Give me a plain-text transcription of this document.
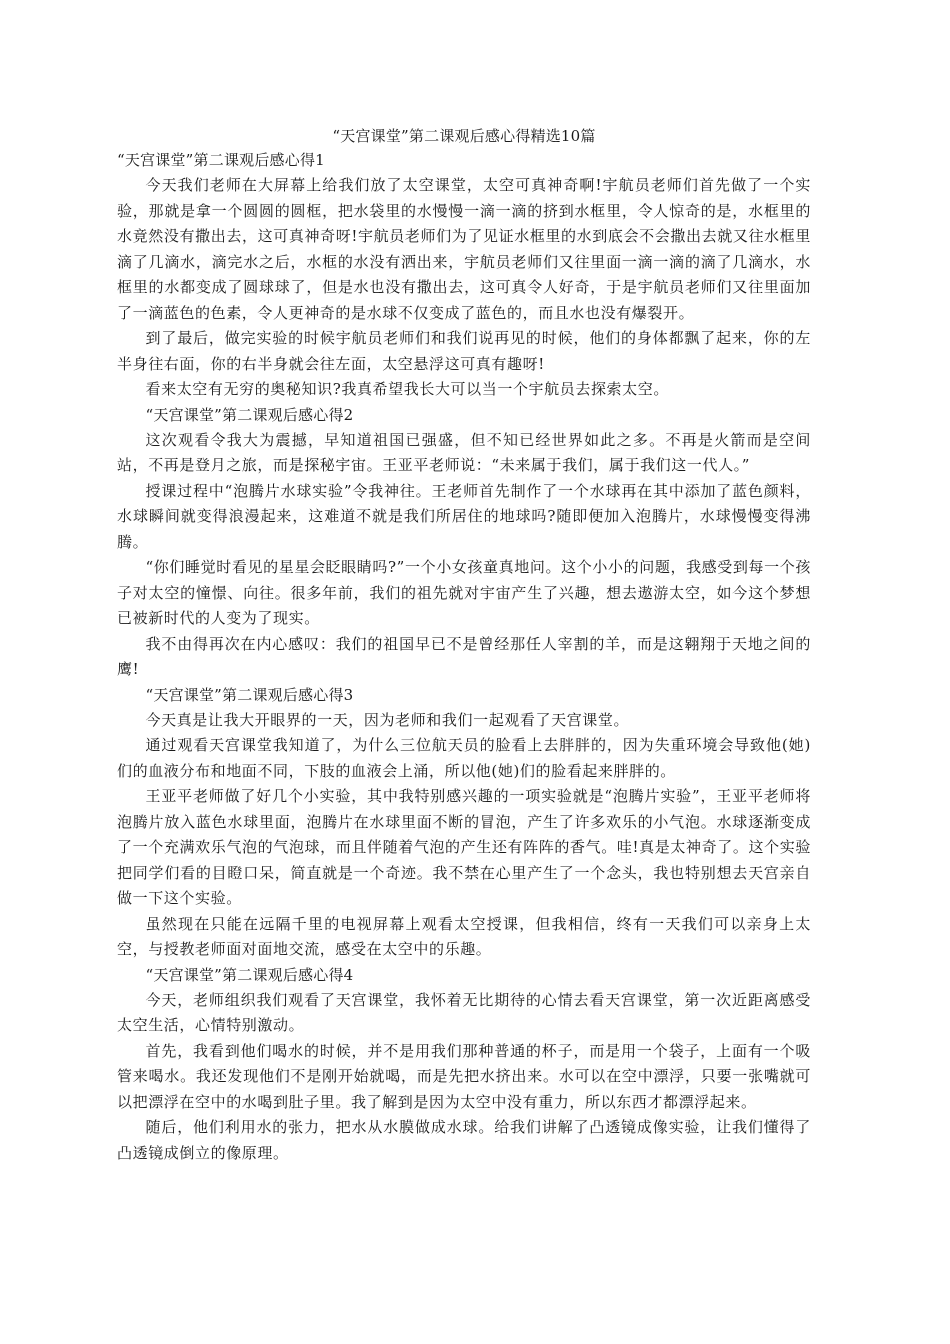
“天宫课堂”第二课观后感心得精选10篇
“天宫课堂”第二课观后感心得1

今天我们老师在大屏幕上给我们放了太空课堂，太空可真神奇啊!宇航员老师们首先做了一个实验，那就是拿一个圆圆的圆框，把水袋里的水慢慢一滴一滴的挤到水框里，令人惊奇的是，水框里的水竟然没有撒出去，这可真神奇呀!宇航员老师们为了见证水框里的水到底会不会撒出去就又往水框里滴了几滴水，滴完水之后，水框的水没有洒出来，宇航员老师们又往里面一滴一滴的滴了几滴水，水框里的水都变成了圆球球了，但是水也没有撒出去，这可真令人好奇，于是宇航员老师们又往里面加了一滴蓝色的色素，令人更神奇的是水球不仅变成了蓝色的，而且水也没有爆裂开。

到了最后，做完实验的时候宇航员老师们和我们说再见的时候，他们的身体都飘了起来，你的左半身往右面，你的右半身就会往左面，太空悬浮这可真有趣呀!

看来太空有无穷的奥秘知识?我真希望我长大可以当一个宇航员去探索太空。

“天宫课堂”第二课观后感心得2

这次观看令我大为震撼，早知道祖国已强盛，但不知已经世界如此之多。不再是火箭而是空间站，不再是登月之旅，而是探秘宇宙。王亚平老师说：“未来属于我们，属于我们这一代人。”

授课过程中“泡腾片水球实验”令我神往。王老师首先制作了一个水球再在其中添加了蓝色颜料，水球瞬间就变得浪漫起来，这难道不就是我们所居住的地球吗?随即便加入泡腾片，水球慢慢变得沸腾。

“你们睡觉时看见的星星会眨眼睛吗?”一个小女孩童真地问。这个小小的问题，我感受到每一个孩子对太空的憧憬、向往。很多年前，我们的祖先就对宇宙产生了兴趣，想去遨游太空，如今这个梦想已被新时代的人变为了现实。

我不由得再次在内心感叹：我们的祖国早已不是曾经那任人宰割的羊，而是这翱翔于天地之间的鹰!

“天宫课堂”第二课观后感心得3

今天真是让我大开眼界的一天，因为老师和我们一起观看了天宫课堂。

通过观看天宫课堂我知道了，为什么三位航天员的脸看上去胖胖的，因为失重环境会导致他(她)们的血液分布和地面不同，下肢的血液会上涌，所以他(她)们的脸看起来胖胖的。

王亚平老师做了好几个小实验，其中我特别感兴趣的一项实验就是“泡腾片实验”，王亚平老师将泡腾片放入蓝色水球里面，泡腾片在水球里面不断的冒泡，产生了许多欢乐的小气泡。水球逐渐变成了一个充满欢乐气泡的气泡球，而且伴随着气泡的产生还有阵阵的香气。哇!真是太神奇了。这个实验把同学们看的目瞪口呆，简直就是一个奇迹。我不禁在心里产生了一个念头，我也特别想去天宫亲自做一下这个实验。

虽然现在只能在远隔千里的电视屏幕上观看太空授课，但我相信，终有一天我们可以亲身上太空，与授教老师面对面地交流，感受在太空中的乐趣。

“天宫课堂”第二课观后感心得4

今天，老师组织我们观看了天宫课堂，我怀着无比期待的心情去看天宫课堂，第一次近距离感受太空生活，心情特别激动。

首先，我看到他们喝水的时候，并不是用我们那种普通的杯子，而是用一个袋子，上面有一个吸管来喝水。我还发现他们不是刚开始就喝，而是先把水挤出来。水可以在空中漂浮，只要一张嘴就可以把漂浮在空中的水喝到肚子里。我了解到是因为太空中没有重力，所以东西才都漂浮起来。

随后，他们利用水的张力，把水从水膜做成水球。给我们讲解了凸透镜成像实验，让我们懂得了凸透镜成倒立的像原理。
